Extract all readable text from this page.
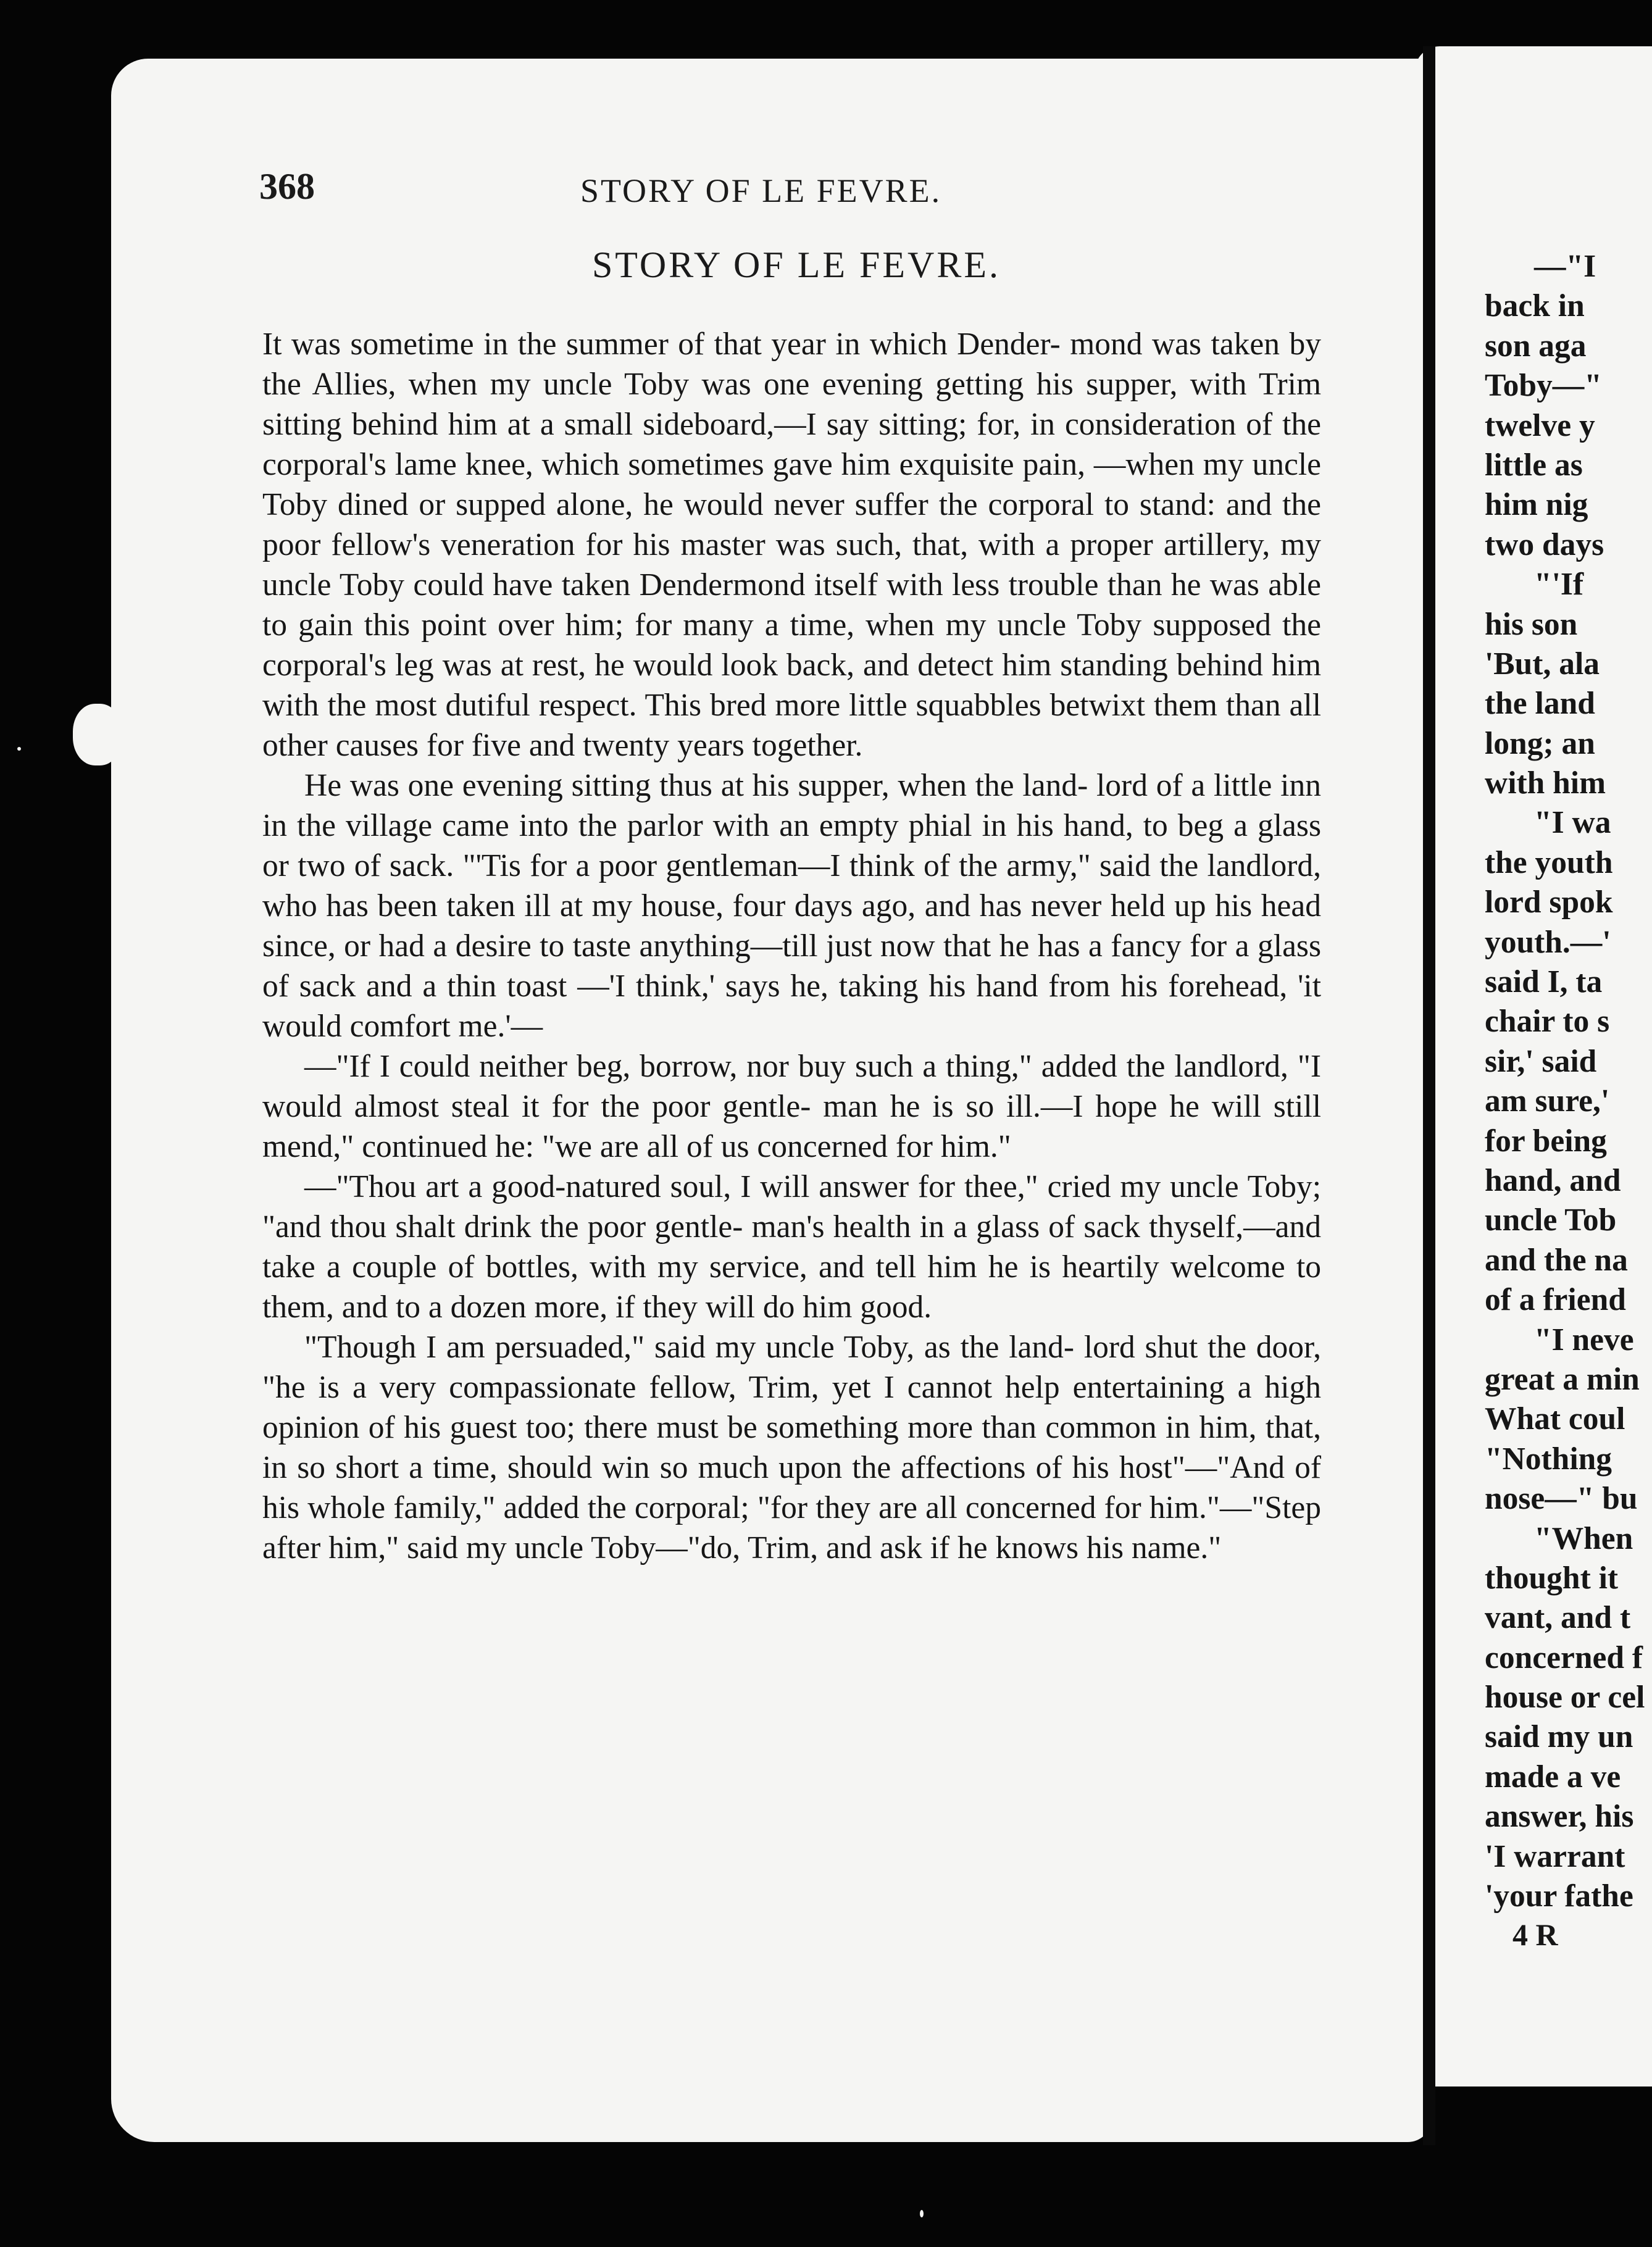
368	STORY OF LE FEVRE.
STORY OF LE FEVRE.

It was sometime in the summer of that year in which Dender- mond was taken by the Allies, when my uncle Toby was one evening getting his supper, with Trim sitting behind him at a small sideboard,—I say sitting; for, in consideration of the corporal's lame knee, which sometimes gave him exquisite pain, —when my uncle Toby dined or supped alone, he would never suffer the corporal to stand: and the poor fellow's veneration for his master was such, that, with a proper artillery, my uncle Toby could have taken Dendermond itself with less trouble than he was able to gain this point over him; for many a time, when my uncle Toby supposed the corporal's leg was at rest, he would look back, and detect him standing behind him with the most dutiful respect. This bred more little squabbles betwixt them than all other causes for five and twenty years together.

He was one evening sitting thus at his supper, when the land- lord of a little inn in the village came into the parlor with an empty phial in his hand, to beg a glass or two of sack. "'Tis for a poor gentleman—I think of the army," said the landlord, who has been taken ill at my house, four days ago, and has never held up his head since, or had a desire to taste anything—till just now that he has a fancy for a glass of sack and a thin toast —'I think,' says he, taking his hand from his forehead, 'it would comfort me.'—

—"If I could neither beg, borrow, nor buy such a thing," added the landlord, "I would almost steal it for the poor gentle- man he is so ill.—I hope he will still mend," continued he: "we are all of us concerned for him."

—"Thou art a good-natured soul, I will answer for thee," cried my uncle Toby; "and thou shalt drink the poor gentle- man's health in a glass of sack thyself,—and take a couple of bottles, with my service, and tell him he is heartily welcome to them, and to a dozen more, if they will do him good.

"Though I am persuaded," said my uncle Toby, as the land- lord shut the door, "he is a very compassionate fellow, Trim, yet I cannot help entertaining a high opinion of his guest too; there must be something more than common in him, that, in so short a time, should win so much upon the affections of his host"—"And of his whole family," added the corporal; "for they are all concerned for him."—"Step after him," said my uncle Toby—"do, Trim, and ask if he knows his name."

—"I
back in
son aga
Toby—"
twelve y
little as
him nig
two days
"'If
his son
'But, ala
the land
long; an
with him
"I wa
the youth
lord spok
youth.—'
said I, ta
chair to s
sir,' said
am sure,'
for being
hand, and
uncle Tob
and the na
of a friend
"I neve
great a min
What coul
"Nothing
nose—" bu
"When
thought it
vant, and t
concerned f
house or cel
said my un
made a ve
answer, his
'I warrant
'your fathe
4 R
